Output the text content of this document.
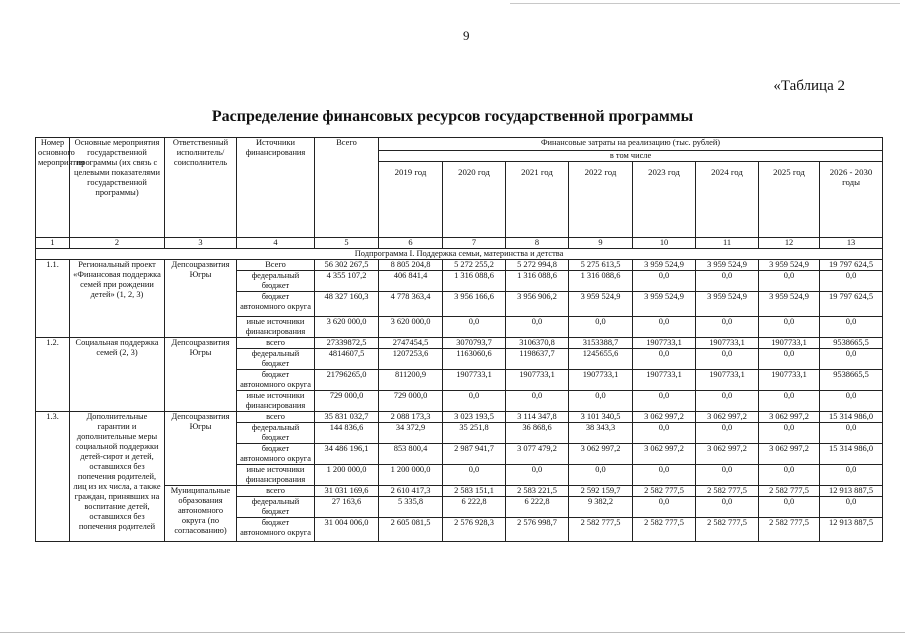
9
«Таблица 2
Распределение финансовых ресурсов государственной программы
Номер основного мероприятия	Основные мероприятия государственной программы (их связь с целевыми показателями государственной программы)	Ответственный исполнитель/соисполнитель	Источники финансирования	Всего	Финансовые затраты на реализацию (тыс. рублей)							
					в том числе							
					2019 год	2020 год	2021 год	2022 год	2023 год	2024 год	2025 год	2026 - 2030 годы
1	2	3	4	5	6	7	8	9	10	11	12	13
Подпрограмма I. Поддержка семьи, материнства и детства												
1.1.	Региональный проект «Финансовая поддержка семей при рождении детей» (1, 2, 3)	Депсоцразвития Югры	Всего	56 302 267,5	8 805 204,8	5 272 255,2	5 272 994,8	5 275 613,5	3 959 524,9	3 959 524,9	3 959 524,9	19 797 624,5
			федеральный бюджет	4 355 107,2	406 841,4	1 316 088,6	1 316 088,6	1 316 088,6	0,0	0,0	0,0	0,0
			бюджет автономного округа	48 327 160,3	4 778 363,4	3 956 166,6	3 956 906,2	3 959 524,9	3 959 524,9	3 959 524,9	3 959 524,9	19 797 624,5
			иные источники финансирования	3 620 000,0	3 620 000,0	0,0	0,0	0,0	0,0	0,0	0,0	0,0
1.2.	Социальная поддержка семей (2, 3)	Депсоцразвития Югры	всего	27339872,5	2747454,5	3070793,7	3106370,8	3153388,7	1907733,1	1907733,1	1907733,1	9538665,5
			федеральный бюджет	4814607,5	1207253,6	1163060,6	1198637,7	1245655,6	0,0	0,0	0,0	0,0
			бюджет автономного округа	21796265,0	811200,9	1907733,1	1907733,1	1907733,1	1907733,1	1907733,1	1907733,1	9538665,5
			иные источники финансирования	729 000,0	729 000,0	0,0	0,0	0,0	0,0	0,0	0,0	0,0
1.3.	Дополнительные гарантии и дополнительные меры социальной поддержки детей-сирот и детей, оставшихся без попечения родителей, лиц из их числа, а также граждан, принявших на воспитание детей, оставшихся без попечения родителей	Депсоцразвития Югры	всего	35 831 032,7	2 088 173,3	3 023 193,5	3 114 347,8	3 101 340,5	3 062 997,2	3 062 997,2	3 062 997,2	15 314 986,0
			федеральный бюджет	144 836,6	34 372,9	35 251,8	36 868,6	38 343,3	0,0	0,0	0,0	0,0
			бюджет автономного округа	34 486 196,1	853 800,4	2 987 941,7	3 077 479,2	3 062 997,2	3 062 997,2	3 062 997,2	3 062 997,2	15 314 986,0
			иные источники финансирования	1 200 000,0	1 200 000,0	0,0	0,0	0,0	0,0	0,0	0,0	0,0
		Муниципальные образования автономного округа (по согласованию)	всего	31 031 169,6	2 610 417,3	2 583 151,1	2 583 221,5	2 592 159,7	2 582 777,5	2 582 777,5	2 582 777,5	12 913 887,5
			федеральный бюджет	27 163,6	5 335,8	6 222,8	6 222,8	9 382,2	0,0	0,0	0,0	0,0
			бюджет автономного округа	31 004 006,0	2 605 081,5	2 576 928,3	2 576 998,7	2 582 777,5	2 582 777,5	2 582 777,5	2 582 777,5	12 913 887,5
